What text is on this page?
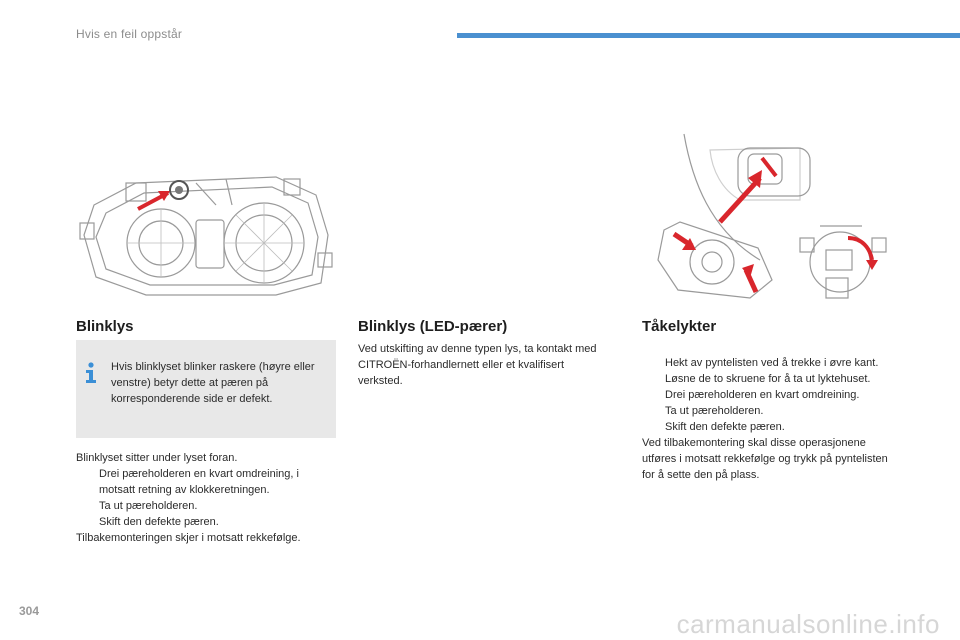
Hvis en feil oppstår
Blinklys
Hvis blinklyset blinker raskere (høyre eller venstre) betyr dette at pæren på korresponderende side er defekt.
Blinklyset sitter under lyset foran.
Drei pæreholderen en kvart omdreining, i motsatt retning av klokkeretningen.
Ta ut pæreholderen.
Skift den defekte pæren.
Tilbakemonteringen skjer i motsatt rekkefølge.
Blinklys (LED-pærer)

Ved utskifting av denne typen lys, ta kontakt med CITROËN-forhandlernett eller et kvalifisert verksted.

Tåkelykter
Hekt av pyntelisten ved å trekke i øvre kant.
Løsne de to skruene for å ta ut lyktehuset.
Drei pæreholderen en kvart omdreining.
Ta ut pæreholderen.
Skift den defekte pæren.
Ved tilbakemontering skal disse operasjonene utføres i motsatt rekkefølge og trykk på pyntelisten for å sette den på plass.
304	carmanualsonline.info
